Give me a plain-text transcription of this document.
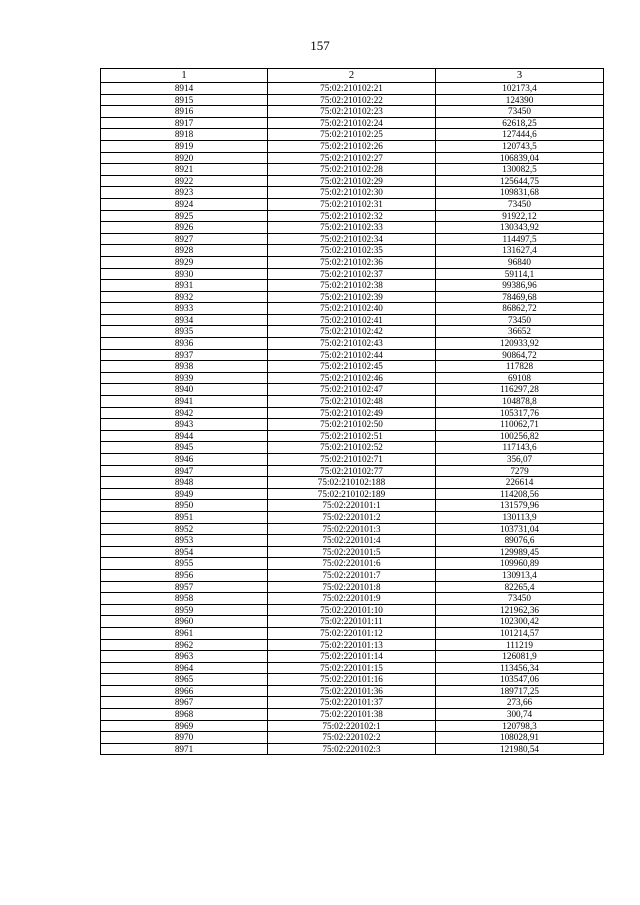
157
1	2	3
8914	75:02:210102:21	102173,4
8915	75:02:210102:22	124390
8916	75:02:210102:23	73450
8917	75:02:210102:24	62618,25
8918	75:02:210102:25	127444,6
8919	75:02:210102:26	120743,5
8920	75:02:210102:27	106839,04
8921	75:02:210102:28	130082,5
8922	75:02:210102:29	125644,75
8923	75:02:210102:30	109831,68
8924	75:02:210102:31	73450
8925	75:02:210102:32	91922,12
8926	75:02:210102:33	130343,92
8927	75:02:210102:34	114497,5
8928	75:02:210102:35	131627,4
8929	75:02:210102:36	96840
8930	75:02:210102:37	59114,1
8931	75:02:210102:38	99386,96
8932	75:02:210102:39	78469,68
8933	75:02:210102:40	86862,72
8934	75:02:210102:41	73450
8935	75:02:210102:42	36652
8936	75:02:210102:43	120933,92
8937	75:02:210102:44	90864,72
8938	75:02:210102:45	117828
8939	75:02:210102:46	69108
8940	75:02:210102:47	116297,28
8941	75:02:210102:48	104878,8
8942	75:02:210102:49	105317,76
8943	75:02:210102:50	110062,71
8944	75:02:210102:51	100256,82
8945	75:02:210102:52	117143,6
8946	75:02:210102:71	356,07
8947	75:02:210102:77	7279
8948	75:02:210102:188	226614
8949	75:02:210102:189	114208,56
8950	75:02:220101:1	131579,96
8951	75:02:220101:2	130113,9
8952	75:02:220101:3	103731,04
8953	75:02:220101:4	89076,6
8954	75:02:220101:5	129989,45
8955	75:02:220101:6	109960,89
8956	75:02:220101:7	130913,4
8957	75:02:220101:8	82265,4
8958	75:02:220101:9	73450
8959	75:02:220101:10	121962,36
8960	75:02:220101:11	102300,42
8961	75:02:220101:12	101214,57
8962	75:02:220101:13	111219
8963	75:02:220101:14	126081,9
8964	75:02:220101:15	113456,34
8965	75:02:220101:16	103547,06
8966	75:02:220101:36	189717,25
8967	75:02:220101:37	273,66
8968	75:02:220101:38	300,74
8969	75:02:220102:1	120798,3
8970	75:02:220102:2	108028,91
8971	75:02:220102:3	121980,54
